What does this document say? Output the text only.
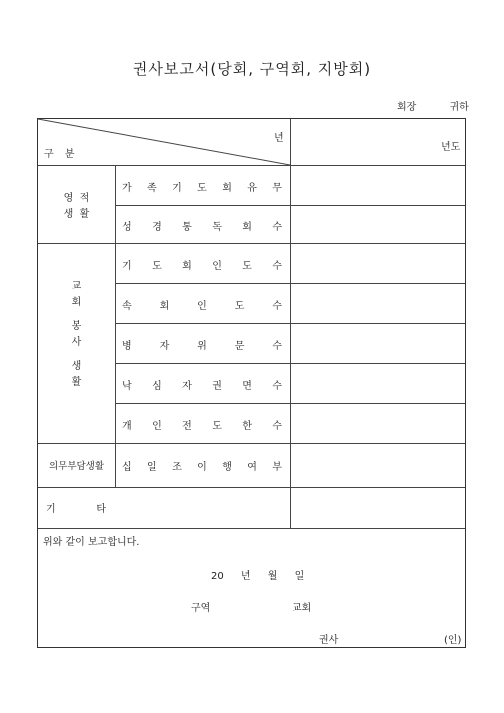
권사보고서(당회, 구역회, 지방회)
회장	귀하
년
구 분
년도
영  적
생  활
가 족 기 도 회 유 무
성 경 통 독 회 수
교
회
봉
사
생
활
기 도 회 인 도 수
속	회	인	도	수
병	자	위	문	수
낙 심 자 권 면 수
개 인 전 도 한 수
의무부담생활	십 일 조 이 행 여 부
기	타
위와 같이 보고합니다.
20 년 월 일
구역	교회
권사	(인)
